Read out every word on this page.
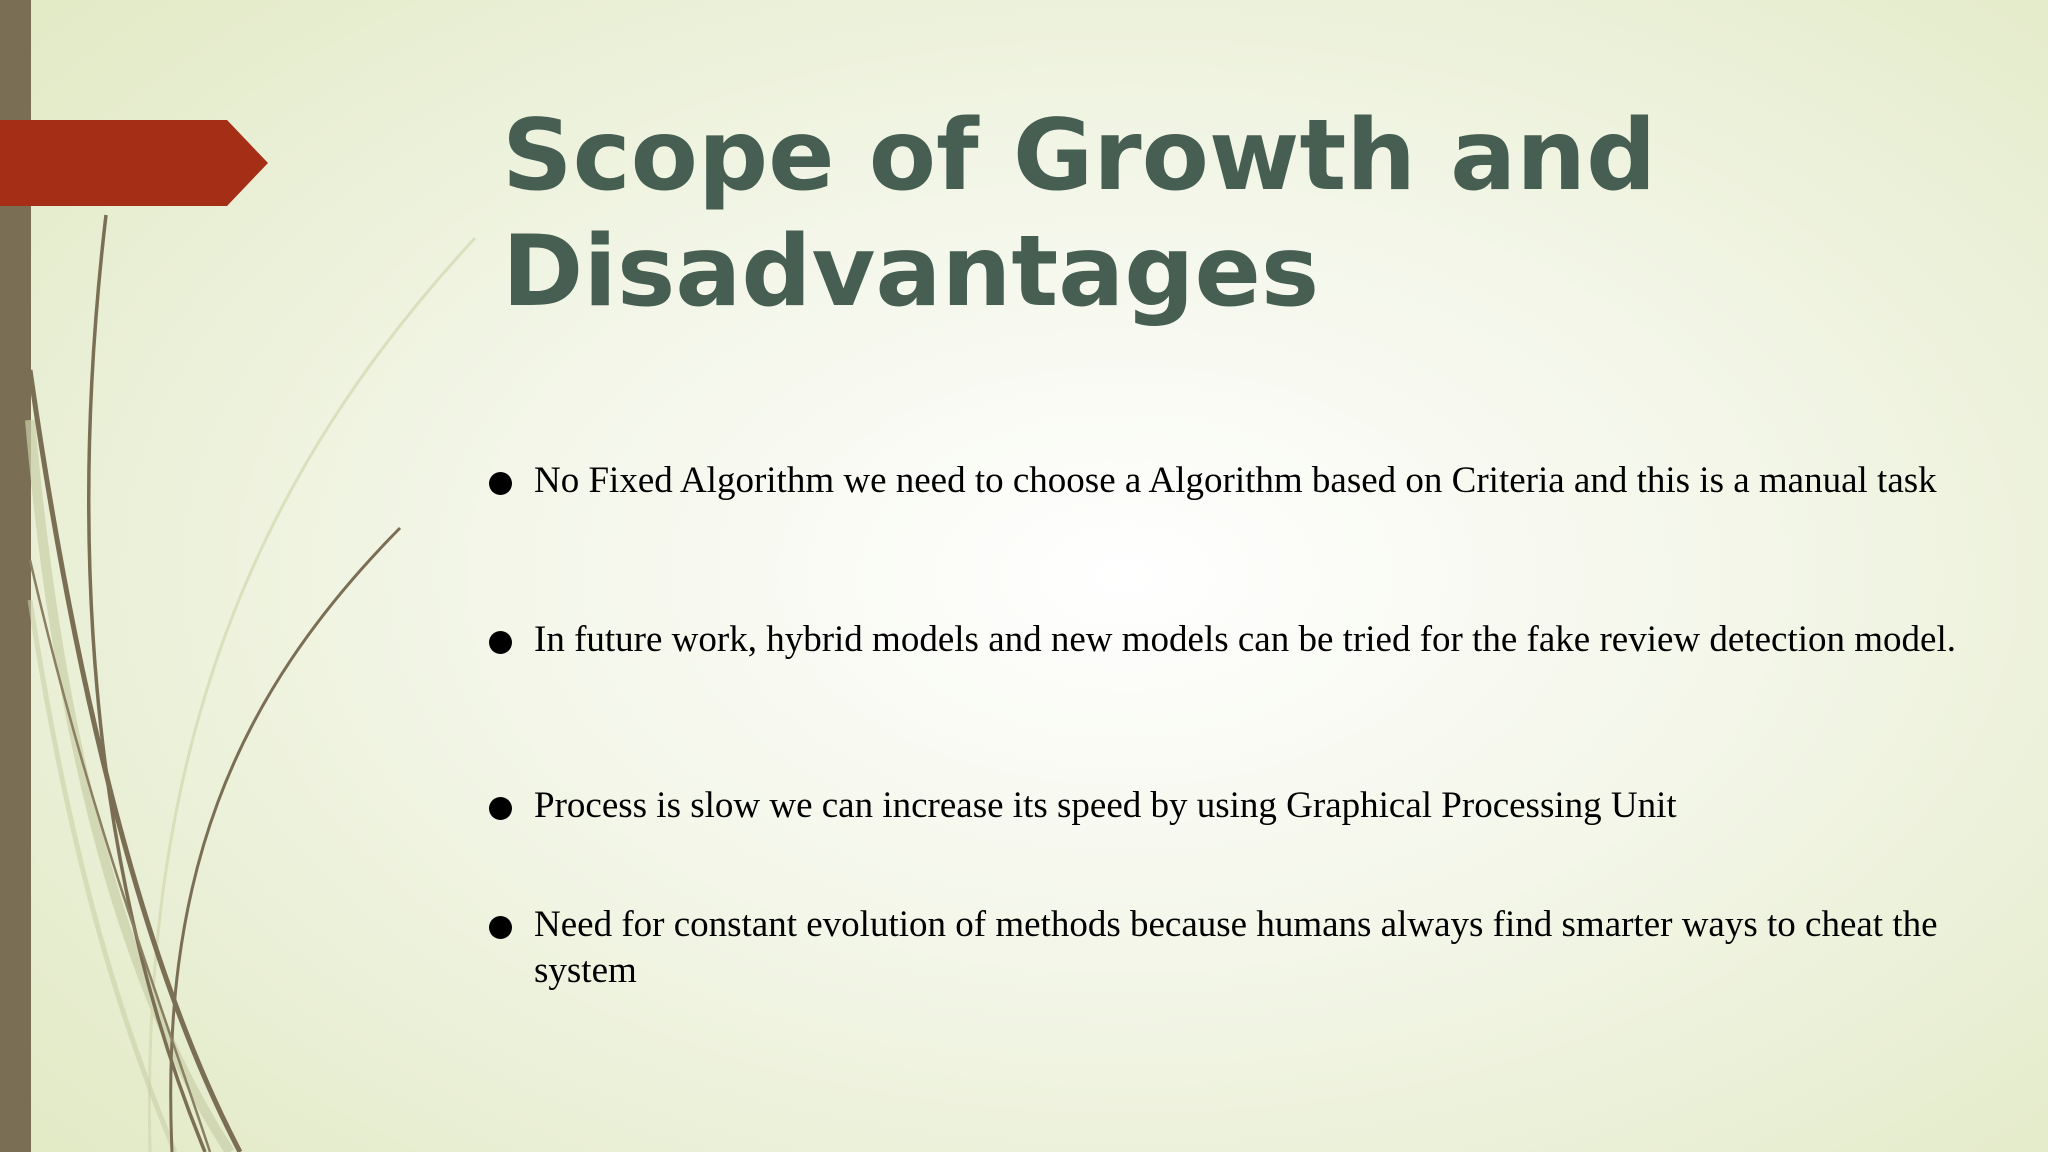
Scope of Growth and Disadvantages
No Fixed Algorithm we need to choose a Algorithm based on Criteria and this is a manual task
In future work, hybrid models and new models can be tried for the fake review detection model.
Process is slow we can increase its speed by using Graphical Processing Unit
Need for constant evolution of methods because humans always find smarter ways to cheat the system
